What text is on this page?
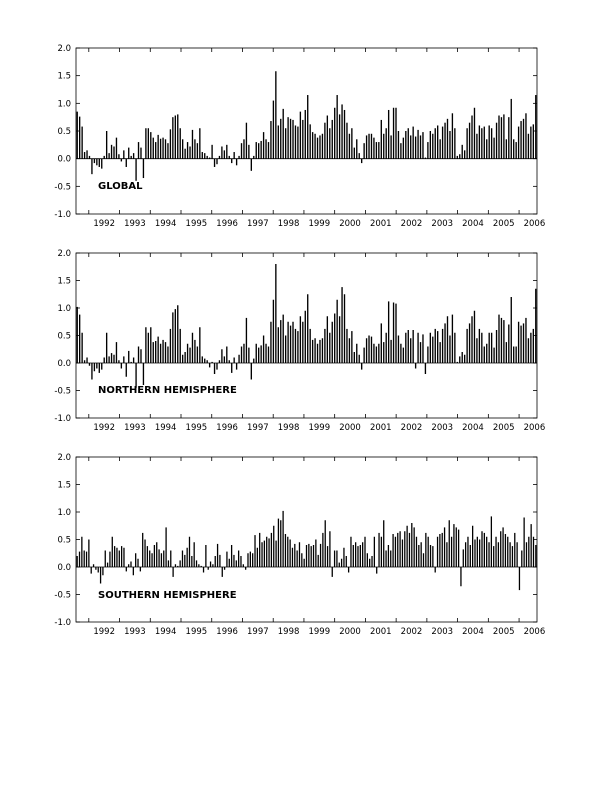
2.0
1.5
1.0
0.5
0.0
-0.5
-1.0
1992 1993 1994 1995 1996 1997 1998 1999 2000 2001 2002 2003 2004 2005 2006
GLOBAL
2.0
1.5
1.0
0.5
0.0
-0.5
-1.0
1992 1993 1994 1995 1996 1997 1998 1999 2000 2001 2002 2003 2004 2005 2006
NORTHERN HEMISPHERE
2.0
1.5
1.0
0.5
0.0
-0.5
-1.0
1992 1993 1994 1995 1996 1997 1998 1999 2000 2001 2002 2003 2004 2005 2006
SOUTHERN HEMISPHERE
